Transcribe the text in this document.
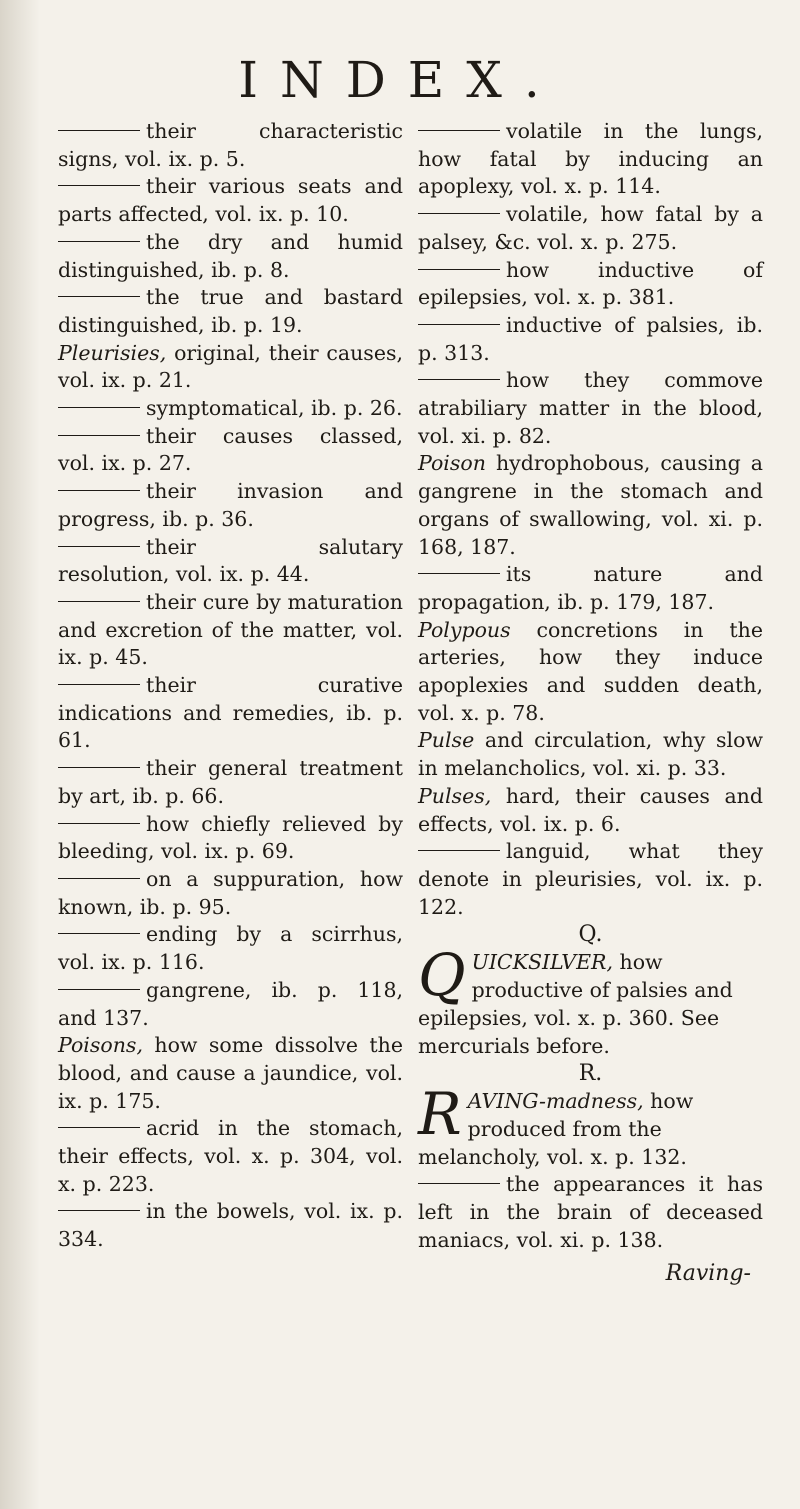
INDEX.
their characteristic signs, vol. ix. p. 5.
their various seats and parts affected, vol. ix. p. 10.
the dry and humid distinguished, ib. p. 8.
the true and bastard distinguished, ib. p. 19.
Pleurisies, original, their causes, vol. ix. p. 21.
symptomatical, ib. p. 26.
their causes classed, vol. ix. p. 27.
their invasion and progress, ib. p. 36.
their salutary resolution, vol. ix. p. 44.
their cure by maturation and excretion of the matter, vol. ix. p. 45.
their curative indications and remedies, ib. p. 61.
their general treatment by art, ib. p. 66.
how chiefly relieved by bleeding, vol. ix. p. 69.
on a suppuration, how known, ib. p. 95.
ending by a scirrhus, vol. ix. p. 116.
gangrene, ib. p. 118, and 137.
Poisons, how some dissolve the blood, and cause a jaundice, vol. ix. p. 175.
acrid in the stomach, their effects, vol. x. p. 304, vol. x. p. 223.
in the bowels, vol. ix. p. 334.
volatile in the lungs, how fatal by inducing an apoplexy, vol. x. p. 114.
volatile, how fatal by a palsey, &c. vol. x. p. 275.
how inductive of epilepsies, vol. x. p. 381.
inductive of palsies, ib. p. 313.
how they commove atrabiliary matter in the blood, vol. xi. p. 82.
Poison hydrophobous, causing a gangrene in the stomach and organs of swallowing, vol. xi. p. 168, 187.
its nature and propagation, ib. p. 179, 187.
Polypous concretions in the arteries, how they induce apoplexies and sudden death, vol. x. p. 78.
Pulse and circulation, why slow in melancholics, vol. xi. p. 33.
Pulses, hard, their causes and effects, vol. ix. p. 6.
languid, what they denote in pleurisies, vol. ix. p. 122.
Q.
QUICKSILVER, how productive of palsies and epilepsies, vol. x. p. 360. See mercurials before.
R.
RAVING-madness, how produced from the melancholy, vol. x. p. 132.
the appearances it has left in the brain of deceased maniacs, vol. xi. p. 138.
Raving-
